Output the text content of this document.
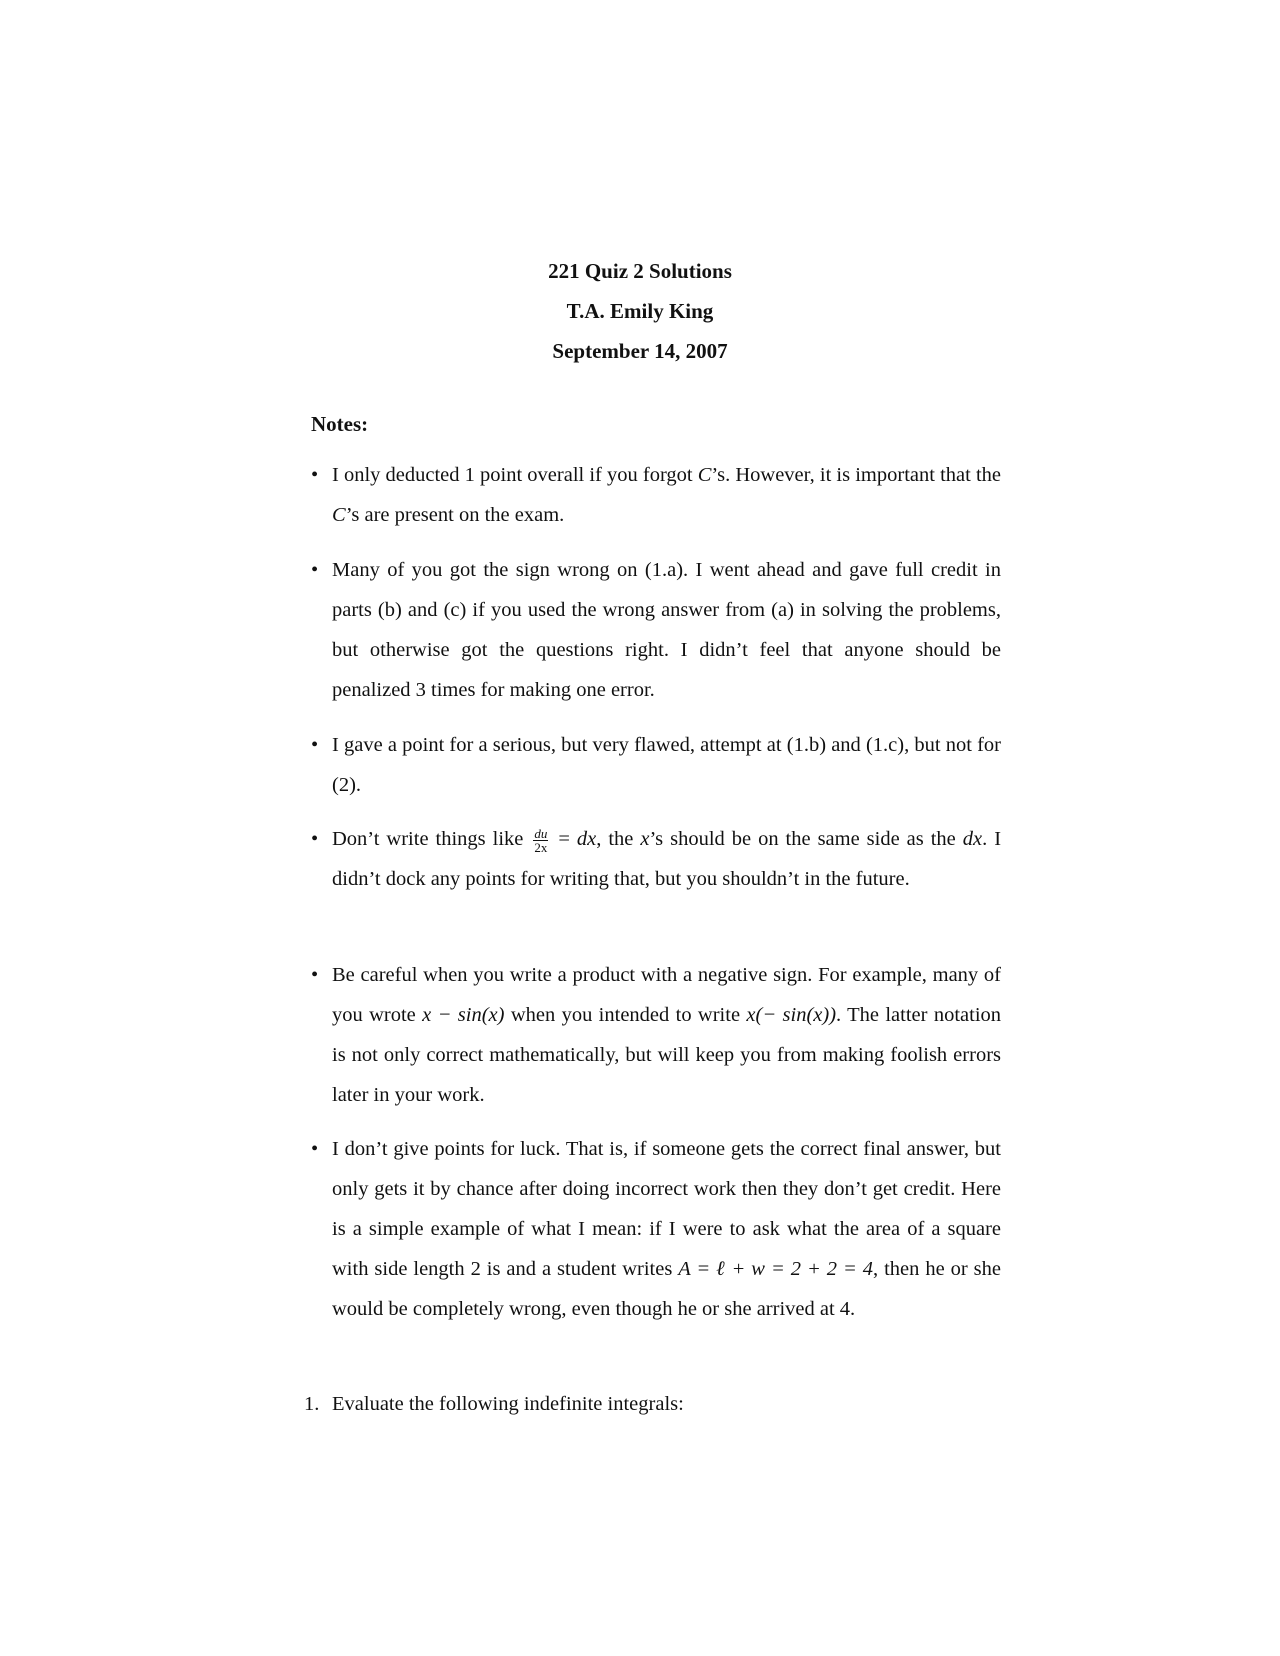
221 Quiz 2 Solutions
T.A. Emily King
September 14, 2007
Notes:
• I only deducted 1 point overall if you forgot C’s. However, it is important that the C’s are present on the exam.
• Many of you got the sign wrong on (1.a). I went ahead and gave full credit in parts (b) and (c) if you used the wrong answer from (a) in solving the problems, but otherwise got the questions right. I didn’t feel that anyone should be penalized 3 times for making one error.
• I gave a point for a serious, but very flawed, attempt at (1.b) and (1.c), but not for (2).
• Don’t write things like $\frac{du}{2x}$ = dx, the x’s should be on the same side as the dx. I didn’t dock any points for writing that, but you shouldn’t in the future.
• Be careful when you write a product with a negative sign. For example, many of you wrote x − sin(x) when you intended to write x(− sin(x)). The latter notation is not only correct mathematically, but will keep you from making foolish errors later in your work.
• I don’t give points for luck. That is, if someone gets the correct final answer, but only gets it by chance after doing incorrect work then they don’t get credit. Here is a simple example of what I mean: if I were to ask what the area of a square with side length 2 is and a student writes A = ℓ + w = 2 + 2 = 4, then he or she would be completely wrong, even though he or she arrived at 4.
1. Evaluate the following indefinite integrals:
